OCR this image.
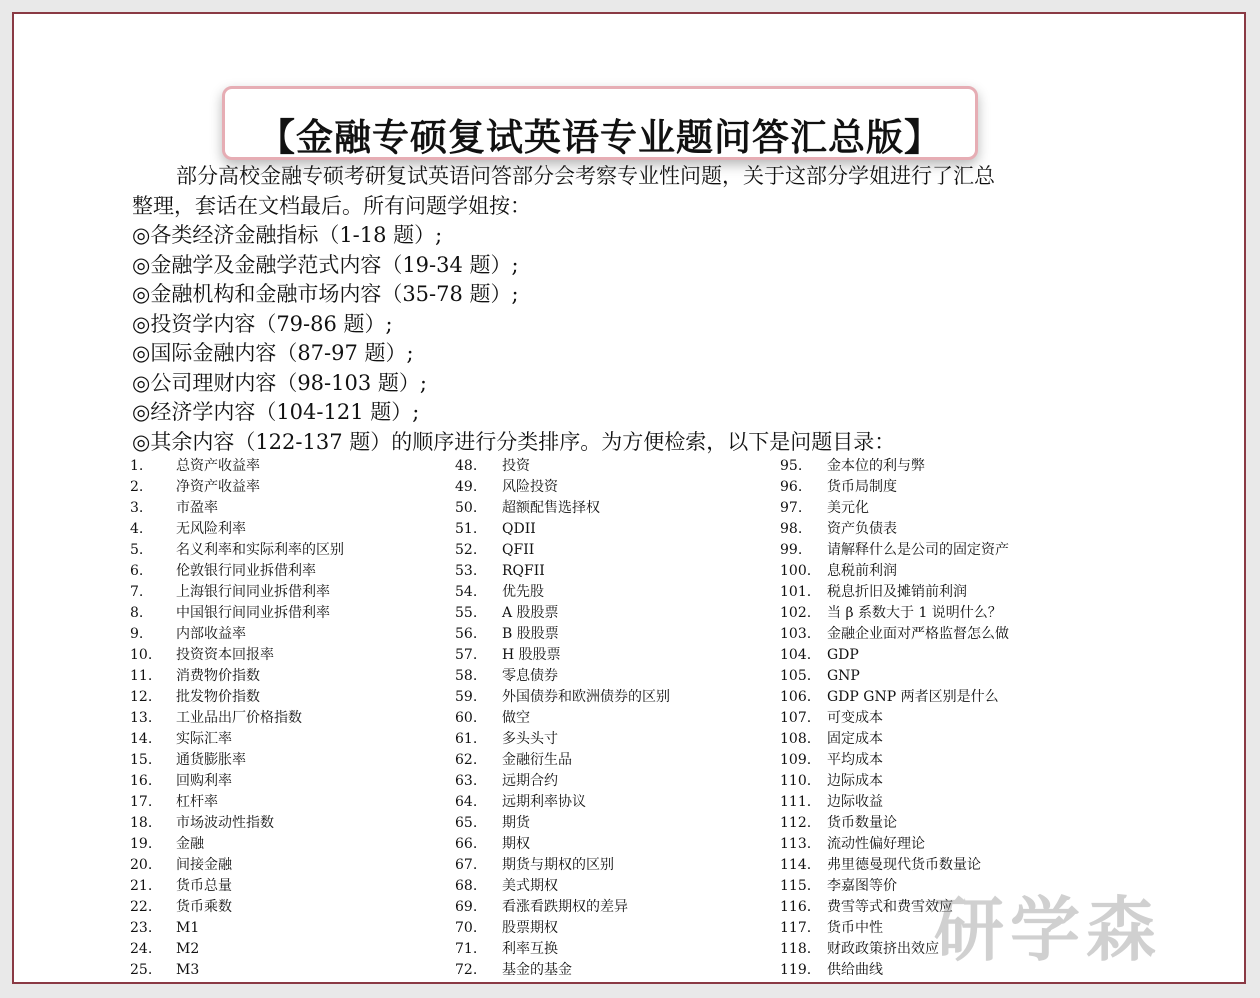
【金融专硕复试英语专业题问答汇总版】
部分高校金融专硕考研复试英语问答部分会考察专业性问题，关于这部分学姐进行了汇总
整理，套话在文档最后。所有问题学姐按：
◎各类经济金融指标（1-18 题）;
◎金融学及金融学范式内容（19-34 题）;
◎金融机构和金融市场内容（35-78 题）;
◎投资学内容（79-86 题）;
◎国际金融内容（87-97 题）;
◎公司理财内容（98-103 题）;
◎经济学内容（104-121 题）;
◎其余内容（122-137 题）的顺序进行分类排序。为方便检索，以下是问题目录：
1. 总资产收益率
2. 净资产收益率
3. 市盈率
4. 无风险利率
5. 名义利率和实际利率的区别
6. 伦敦银行同业拆借利率
7. 上海银行间同业拆借利率
8. 中国银行间同业拆借利率
9. 内部收益率
10. 投资资本回报率
11. 消费物价指数
12. 批发物价指数
13. 工业品出厂价格指数
14. 实际汇率
15. 通货膨胀率
16. 回购利率
17. 杠杆率
18. 市场波动性指数
19. 金融
20. 间接金融
21. 货币总量
22. 货币乘数
23. M1
24. M2
25. M3
48. 投资
49. 风险投资
50. 超额配售选择权
51. QDII
52. QFII
53. RQFII
54. 优先股
55. A 股股票
56. B 股股票
57. H 股股票
58. 零息债券
59. 外国债券和欧洲债券的区别
60. 做空
61. 多头头寸
62. 金融衍生品
63. 远期合约
64. 远期利率协议
65. 期货
66. 期权
67. 期货与期权的区别
68. 美式期权
69. 看涨看跌期权的差异
70. 股票期权
71. 利率互换
72. 基金的基金
95. 金本位的利与弊
96. 货币局制度
97. 美元化
98. 资产负债表
99. 请解释什么是公司的固定资产
100. 息税前利润
101. 税息折旧及摊销前利润
102. 当 β 系数大于 1 说明什么？
103. 金融企业面对严格监督怎么做
104. GDP
105. GNP
106. GDP GNP 两者区别是什么
107. 可变成本
108. 固定成本
109. 平均成本
110. 边际成本
111. 边际收益
112. 货币数量论
113. 流动性偏好理论
114. 弗里德曼现代货币数量论
115. 李嘉图等价
116. 费雪等式和费雪效应
117. 货币中性
118. 财政政策挤出效应
119. 供给曲线 研学森
